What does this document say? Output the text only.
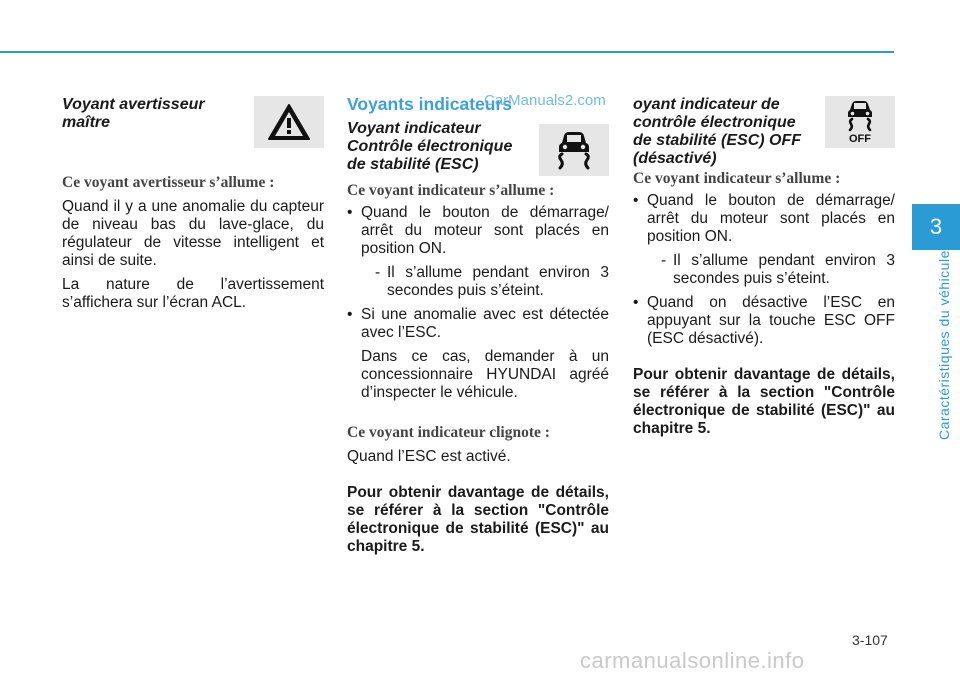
Voyant avertisseur
maître

Ce voyant avertisseur s’allume :

Quand il y a une anomalie du capteur de niveau bas du lave-glace, du régulateur de vitesse intelligent et ainsi de suite.

La nature de l’avertissement s’affichera sur l’écran ACL.

Voyants indicateurs

Voyant indicateur
Contrôle électronique
de stabilité (ESC)

Ce voyant indicateur s’allume :

• Quand le bouton de démarrage/ arrêt du moteur sont placés en position ON.

- Il s’allume pendant environ 3 secondes puis s’éteint.

• Si une anomalie avec est détectée avec l’ESC.

Dans ce cas, demander à un concessionnaire HYUNDAI agréé d’inspecter le véhicule.

Ce voyant indicateur clignote :

Quand l’ESC est activé.

Pour obtenir davantage de détails, se référer à la section "Contrôle électronique de stabilité (ESC)" au chapitre 5.

oyant indicateur de
contrôle électronique
de stabilité (ESC) OFF
(désactivé)

OFF

Ce voyant indicateur s’allume :

• Quand le bouton de démarrage/ arrêt du moteur sont placés en position ON.

- Il s’allume pendant environ 3 secondes puis s’éteint.

• Quand on désactive l’ESC en appuyant sur la touche ESC OFF (ESC désactivé).

Pour obtenir davantage de détails, se référer à la section "Contrôle électronique de stabilité (ESC)" au chapitre 5.

CarManuals2.com
3
Caractéristiques du véhicule
3-107
carmanualsonline.info
